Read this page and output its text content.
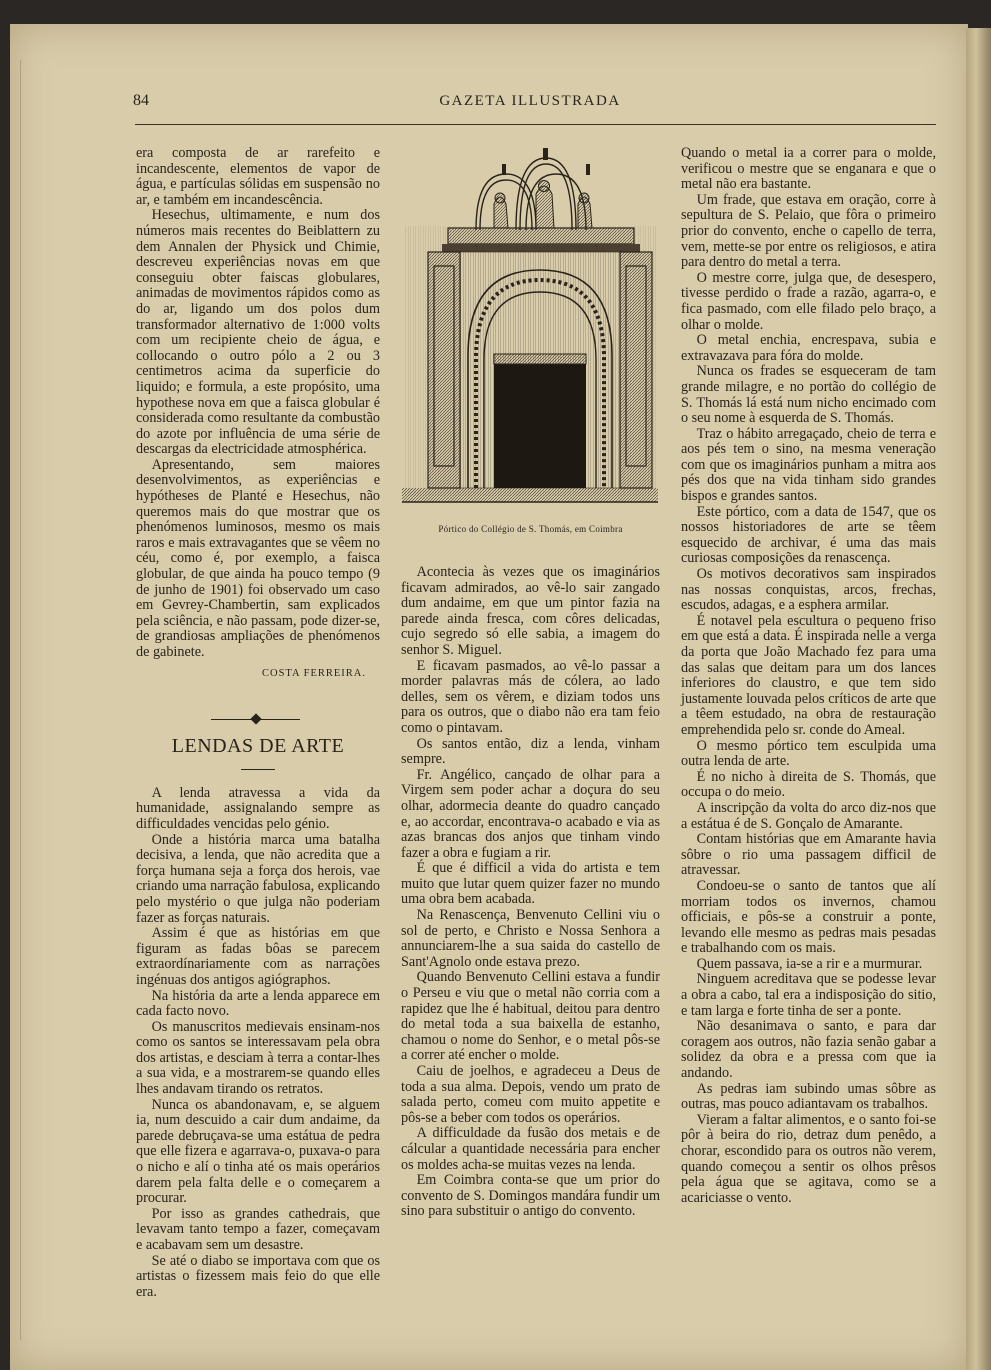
84	GAZETA ILLUSTRADA

era composta de ar rarefeito e incandescente, elementos de vapor de água, e partículas sólidas em suspensão no ar, e também em incandescência.

Hesechus, ultimamente, e num dos números mais recentes do Beiblattern zu dem Annalen der Physick und Chimie, descreveu experiências novas em que conseguiu obter faiscas globulares, animadas de movimentos rápidos como as do ar, ligando um dos polos dum transformador alternativo de 1:000 volts com um recipiente cheio de água, e collocando o outro pólo a 2 ou 3 centimetros acima da superficie do liquido; e formula, a este propósito, uma hypothese nova em que a faisca globular é considerada como resultante da combustão do azote por influência de uma série de descargas da electricidade atmosphérica.

Apresentando, sem maiores desenvolvimentos, as experiências e hypótheses de Planté e Hesechus, não queremos mais do que mostrar que os phenómenos luminosos, mesmo os mais raros e mais extravagantes que se vêem no céu, como é, por exemplo, a faisca globular, de que ainda ha pouco tempo (9 de junho de 1901) foi observado um caso em Gevrey-Chambertin, sam explicados pela sciência, e não passam, pode dizer-se, de grandiosas ampliações de phenómenos de gabinete.

COSTA FERREIRA.
LENDAS DE ARTE

A lenda atravessa a vida da humanidade, assignalando sempre as difficuldades vencidas pelo génio.

Onde a história marca uma batalha decisiva, a lenda, que não acredita que a força humana seja a força dos herois, vae criando uma narração fabulosa, explicando pelo mystério o que julga não poderiam fazer as forças naturais.

Assim é que as histórias em que figuram as fadas bôas se parecem extraordínariamente com as narrações ingénuas dos antigos agiógraphos.

Na história da arte a lenda apparece em cada facto novo.

Os manuscritos medievais ensinam-nos como os santos se interessavam pela obra dos artistas, e desciam à terra a contar-lhes a sua vida, e a mostrarem-se quando elles lhes andavam tirando os retratos.

Nunca os abandonavam, e, se alguem ia, num descuido a cair dum andaime, da parede debruçava-se uma estátua de pedra que elle fizera e agarrava-o, puxava-o para o nicho e alí o tinha até os mais operários darem pela falta delle e o começarem a procurar.

Por isso as grandes cathedrais, que levavam tanto tempo a fazer, começavam e acabavam sem um desastre.

Se até o diabo se importava com que os artistas o fizessem mais feio do que elle era.

Pórtico do Collégio de S. Thomás, em Coimbra

Acontecia às vezes que os imaginários ficavam admirados, ao vê-lo sair zangado dum andaime, em que um pintor fazia na parede ainda fresca, com côres delicadas, cujo segredo só elle sabia, a imagem do senhor S. Miguel.

E ficavam pasmados, ao vê-lo passar a morder palavras más de cólera, ao lado delles, sem os vêrem, e diziam todos uns para os outros, que o diabo não era tam feio como o pintavam.

Os santos então, diz a lenda, vinham sempre.

Fr. Angélico, cançado de olhar para a Virgem sem poder achar a doçura do seu olhar, adormecia deante do quadro cançado e, ao accordar, encontrava-o acabado e via as azas brancas dos anjos que tinham vindo fazer a obra e fugiam a rir.

É que é difficil a vida do artista e tem muito que lutar quem quizer fazer no mundo uma obra bem acabada.

Na Renascença, Benvenuto Cellini viu o sol de perto, e Christo e Nossa Senhora a annunciarem-lhe a sua saida do castello de Sant'Agnolo onde estava prezo.

Quando Benvenuto Cellini estava a fundir o Perseu e viu que o metal não corria com a rapidez que lhe é habitual, deitou para dentro do metal toda a sua baixella de estanho, chamou o nome do Senhor, e o metal pôs-se a correr até encher o molde.

Caiu de joelhos, e agradeceu a Deus de toda a sua alma. Depois, vendo um prato de salada perto, comeu com muito appetite e pôs-se a beber com todos os operários.

A difficuldade da fusão dos metais e de cálcular a quantidade necessária para encher os moldes acha-se muitas vezes na lenda.

Em Coimbra conta-se que um prior do convento de S. Domingos mandára fundir um sino para substituir o antigo do convento.

Quando o metal ia a correr para o molde, verificou o mestre que se enganara e que o metal não era bastante.

Um frade, que estava em oração, corre à sepultura de S. Pelaio, que fôra o primeiro prior do convento, enche o capello de terra, vem, mette-se por entre os religiosos, e atira para dentro do metal a terra.

O mestre corre, julga que, de desespero, tivesse perdido o frade a razão, agarra-o, e fica pasmado, com elle filado pelo braço, a olhar o molde.

O metal enchia, encrespava, subia e extravazava para fóra do molde.

Nunca os frades se esqueceram de tam grande milagre, e no portão do collégio de S. Thomás lá está num nicho encimado com o seu nome à esquerda de S. Thomás.

Traz o hábito arregaçado, cheio de terra e aos pés tem o sino, na mesma veneração com que os imaginários punham a mitra aos pés dos que na vida tinham sido grandes bispos e grandes santos.

Este pórtico, com a data de 1547, que os nossos historiadores de arte se têem esquecido de archivar, é uma das mais curiosas composições da renascença.

Os motivos decorativos sam inspirados nas nossas conquistas, arcos, frechas, escudos, adagas, e a esphera armilar.

É notavel pela escultura o pequeno friso em que está a data. É inspirada nelle a verga da porta que João Machado fez para uma das salas que deitam para um dos lances inferiores do claustro, e que tem sido justamente louvada pelos críticos de arte que a têem estudado, na obra de restauração emprehendida pelo sr. conde do Ameal.

O mesmo pórtico tem esculpida uma outra lenda de arte.

É no nicho à direita de S. Thomás, que occupa o do meio.

A inscripção da volta do arco diz-nos que a estátua é de S. Gonçalo de Amarante.

Contam histórias que em Amarante havia sôbre o rio uma passagem difficil de atravessar.

Condoeu-se o santo de tantos que alí morriam todos os invernos, chamou officiais, e pôs-se a construir a ponte, levando elle mesmo as pedras mais pesadas e trabalhando com os mais.

Quem passava, ia-se a rir e a murmurar.

Ninguem acreditava que se podesse levar a obra a cabo, tal era a indisposição do sitio, e tam larga e forte tinha de ser a ponte.

Não desanimava o santo, e para dar coragem aos outros, não fazia senão gabar a solidez da obra e a pressa com que ia andando.

As pedras iam subindo umas sôbre as outras, mas pouco adiantavam os trabalhos.

Vieram a faltar alimentos, e o santo foi-se pôr à beira do rio, detraz dum penêdo, a chorar, escondido para os outros não verem, quando começou a sentir os olhos prêsos pela água que se agitava, como se a acariciasse o vento.
